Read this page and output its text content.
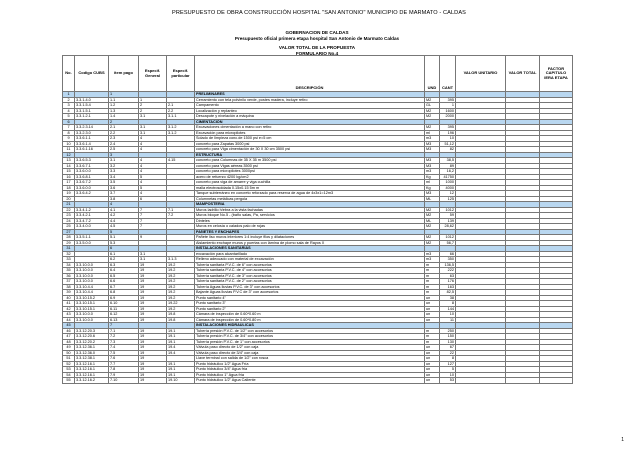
PRESUPUESTO DE OBRA CONSTRUCCIÓN HOSPITAL "SAN ANTONIO" MUNICIPIO DE MARMATO - CALDAS
GOBERNACION DE CALDAS
Presupuesto oficial primera etapa hospital San Antonio de Marmato Caldas
VALOR TOTAL DE LA PROPUESTA
FORMULARIO No.4
No.	Codigo CUBS	item pago	Especif. General	Especif. particular	DESCRIPCIÓN	UND	CANT	VALOR UNITARIO	VALOR TOTAL	FACTOR CAPITULO IERA ETAPA
1		1			PRELIMINARES					
2	3.3.1.4.0	1.1	1		Cerramiento con tela polvinilo verde, postes madera, incluye retiro	M2	395			
3	3.3.1.5.4	1.2	2	2.1	Campamento	GL	1			
4	3.3.1.5.1	1.3	2	2.2	Localización y replanteo	M2	1600			
5	3.3.1.2.1	1.4	3.1	3.1.1	Descapote y nivelación a máquina	M2	2000			
6		2			CIMENTACIÓN					
7	3.3.2.3.14	2.1	3.1	3.1.2	Excavaciones cimentación a mano con retiro	M2	395			
8	3.3.2.3.0	2.2	3.1	3.1.2	Excavación para micropilotes	ml	196			
9	3.3.6.1.1	2.3	4		Solado de limpieza conc.de 1500 psi e=5 cm	m3	10			
10	3.3.6.1.4	2.4	4		concreto para Zapatas 3000 psi	M3	51,12			
11	3.3.6.1.16	2.5	4		concreto para Viga cimentación de 30 X 30 cm 3500 psi	M3	82			
12		3			ESTRUCTURA					
13	3.3.6.5.3	3.1	4	4.15	concreto para Columnas de 35 X 35 m 3500 psi	M3	38,5			
14	3.3.6.7.1	3.2	4		concreto para Vigas aéreas 3500 psi	M3	89			
15	3.3.6.0.0	3.3	4		concreto para micropilotes 3000psi	m3	16,2			
16	3.3.6.8.1	3.4	5		acero de refuerzo 4200 kg/cm2	Kg	41750			
17	3.3.6.7.2	3.5	4		concreto para viga de amarre y viga cuchilla	ml	1000			
18	3.3.6.0.0	3.6	5		malla electrosoldada 0.15x0.15 5m m	Kg	4000			
19	3.3.6.4.2	3.7	4		Tanque subterráneo en concreto reforzado para reserva de agua de 4x3x1=12m3	M3	12			
20		3.8	6		Columnetas metálicas pergola	ML	125			
21		4			MAMPOSTERIA					
22	3.3.4.1.2	4.1	7	7.1	Muros ladrillo h/ebra a la vista fachadas	M2	1012			
23	3.3.4.2.1	4.2	7	7.2	Muros bloque No.5 - (baño salas, Pa, servicios	M2	59			
24	3.3.4.7.2	4.4	7		Dinteles	ML	139			
25	3.3.4.0.0	4.5	7		Muros en celosía o calados palo de rojas	M2	28,62			
27		5			PAÑETES Y ENCHAPES					
28	3.3.5.1.1	5.1	9		Pañete liso muros interiores 1:4 incluye filos y dilataciones	M2	1012			
29	3.3.5.0.0	5.3			Aislamiento enchape muros y puertas con lámina de plomo sala de Rayos X	M2	56,7			
31		6			INSTALACIONES SANITARIAS					
32		6.1	3.1		excavación para alcantarillado	m3	66			
33		6.2	3.1	3.1.3	Relleno adecuado con material de excavación	m3	350			
34	3.3.10.0.0	6.3	19	19.2	Tubería sanitaria P.V.C. de 6" con accesorios	m	136,5			
35	3.3.10.0.0	6.4	19	19.2	Tubería sanitaria P.V.C. de 4" con accesorios	m	222			
36	3.3.10.0.0	6.5	19	19.2	Tubería sanitaria P.V.C. de 3" con accesorios	m	63			
37	3.3.10.0.0	6.6	19	19.2	Tubería sanitaria P.V.C. de 2" con accesorios	m	176			
38	3.3.10.4.4	6.7	19	19.2	Tubería Aguas lluvias P.V.C. de 3" con accesorios	m	163			
39	3.3.10.4.4	6.8	19	19.2	Bajante Aguas lluvias P.V.C de 3" con accesorios	m	82,5			
40	3.3.10.15.2	6.9	19	19.2	Punto sanitario 4"	un	38			
41	3.3.10.15.1	6.10	19	19.22	Punto sanitario 3"	un	8			
42	3.3.10.15.1	6.11	19	19.2	Punto sanitario 2"	un	144			
43	3.3.10.0.0	6.12	19	19.8	Cámara de inspección de 0.60*0.60 m	un	10			
44	3.3.10.0.0	6.13	19	19.8	Cámara de inspección de 0.60*0.80 m	un	11			
45		7			INSTALACIONES HIDRAULICAS					
46	3.3.12.20.3	7.1	19	19.1	Tubería presión P.V.C. de 1/2" con accesorios	m	250			
47	3.3.12.20.6	7.2	19	19.1	Tubería presión P.V.C. de 3/4" con accesorios	m	150			
48	3.3.12.20.2	7.3	19	19.1	Tubería presión P.V.C. de 1" con accesorios	m	130			
49	3.3.12.36.1	7.4	19	19.4	Válvula paso directo de 1/2" con caja	un	67			
50	3.3.12.36.0	7.5	19	19.4	Válvula paso directo de 3/4" con caja	un	22			
51	3.3.12.38.1	7.6	19		Llave terminal con salida de 1/2" con rosca	un	8			
52	3.3.12.16.1	7.7	19	19.1	Punto hidráulico 1/2" Agua Fría	un	127			
53	3.3.12.16.1	7.8	19	19.1	Punto hidráulico 3/4" Agua fría	un	5			
54	3.3.12.16.1	7.9	19	19.1	Punto hidráulico 1" Agua fría	un	10			
55	3.3.12.16.2	7.10	19	19.10	Punto hidráulico 1/2" Agua Caliente	un	53			
1
